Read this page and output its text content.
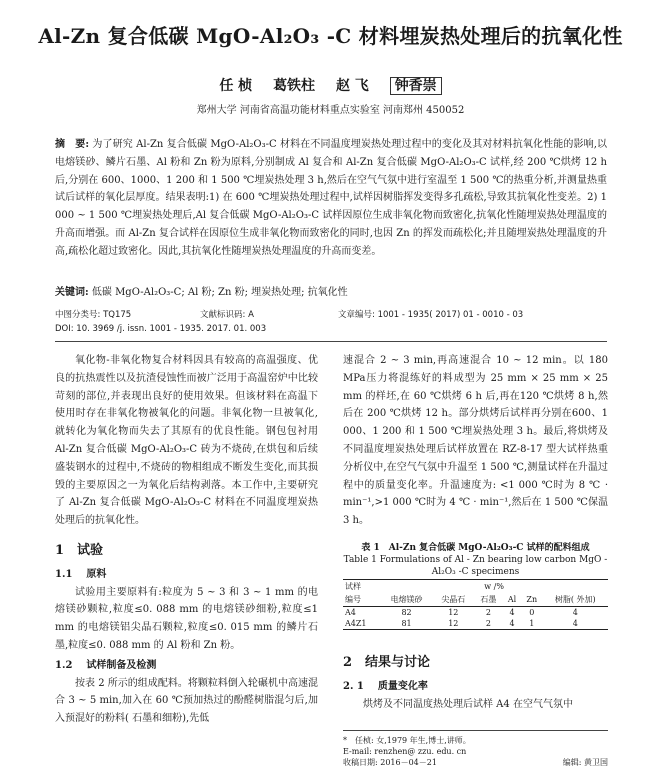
Al-Zn 复合低碳 MgO-Al₂O₃ -C 材料埋炭热处理后的抗氧化性
任 桢 葛铁柱 赵 飞 钟香崇
郑州大学 河南省高温功能材料重点实验室 河南郑州 450052
摘　要: 为了研究 Al-Zn 复合低碳 MgO-Al₂O₃-C 材料在不同温度埋炭热处理过程中的变化及其对材料抗氧化性能的影响,以电熔镁砂、鳞片石墨、Al 粉和 Zn 粉为原料,分别制成 Al 复合和 Al-Zn 复合低碳 MgO-Al₂O₃-C 试样,经 200 ℃烘烤 12 h 后,分别在 600、1000、1 200 和 1 500 ℃埋炭热处理 3 h,然后在空气气氛中进行室温至 1 500 ℃的热重分析,并测量热重试后试样的氧化层厚度。结果表明:1) 在 600 ℃埋炭热处理过程中,试样因树脂挥发变得多孔疏松,导致其抗氧化性变差。2) 1 000 ~ 1 500 ℃埋炭热处理后,Al 复合低碳 MgO-Al₂O₃-C 试样因原位生成非氧化物而致密化,抗氧化性随埋炭热处理温度的升高而增强。而 Al-Zn 复合试样在因原位生成非氧化物而致密化的同时,也因 Zn 的挥发而疏松化;并且随埋炭热处理温度的升高,疏松化超过致密化。因此,其抗氧化性随埋炭热处理温度的升高而变差。
关键词: 低碳 MgO-Al₂O₃-C; Al 粉; Zn 粉; 埋炭热处理; 抗氧化性
中图分类号: TQ175	文献标识码: A	文章编号: 1001 - 1935( 2017) 01 - 0010 - 03
DOI: 10. 3969 /j. issn. 1001 - 1935. 2017. 01. 003

氧化物-非氧化物复合材料因具有较高的高温强度、优良的抗热震性以及抗渣侵蚀性而被广泛用于高温窑炉中比较苛刻的部位,并表现出良好的使用效果。但该材料在高温下使用时存在非氧化物被氧化的问题。非氧化物一旦被氧化,就转化为氧化物而失去了其原有的优良性能。钢包包衬用 Al-Zn 复合低碳 MgO-Al₂O₃-C 砖为不烧砖,在烘包和后续盛装钢水的过程中,不烧砖的物相组成不断发生变化,而其损毁的主要原因之一为氧化后结构剥落。本工作中,主要研究了 Al-Zn 复合低碳 MgO-Al₂O₃-C 材料在不同温度埋炭热处理后的抗氧化性。

1　试验
1.1 原料

试验用主要原料有:粒度为 5 ~ 3 和 3 ~ 1 mm 的电熔镁砂颗粒,粒度≤0. 088 mm 的电熔镁砂细粉,粒度≤1 mm 的电熔镁铝尖晶石颗粒,粒度≤0. 015 mm 的鳞片石墨,粒度≤0. 088 mm 的 Al 粉和 Zn 粉。

1.2 试样制备及检测

按表 2 所示的组成配料。将颗粒料倒入轮碾机中高速混合 3 ~ 5 min,加入在 60 ℃预加热过的酚醛树脂混匀后,加入预混好的粉料( 石墨和细粉),先低

速混合 2 ~ 3 min,再高速混合 10 ~ 12 min。以 180 MPa压力将混练好的料成型为 25 mm × 25 mm × 25 mm 的样坯,在 60 ℃烘烤 6 h 后,再在120 ℃烘烤 8 h,然后在 200 ℃烘烤 12 h。部分烘烤后试样再分别在600、1 000、1 200 和 1 500 ℃埋炭热处理 3 h。最后,将烘烤及不同温度埋炭热处理后试样放置在 RZ-8-17 型大试样热重分析仪中,在空气气氛中升温至 1 500 ℃,测量试样在升温过程中的质量变化率。升温速度为: <1 000 ℃时为 8 ℃ · min⁻¹,>1 000 ℃时为 4 ℃ · min⁻¹,然后在 1 500 ℃保温 3 h。

表 1　Al-Zn 复合低碳 MgO-Al₂O₃-C 试样的配料组成
Table 1 Formulations of Al - Zn bearing low carbon MgO -
Al₂O₃ -C specimens
试样	w /%					
编号	电熔镁砂	尖晶石	石墨	Al	Zn	树脂( 外加)
A4	82	12	2	4	0	4
A4Z1	81	12	2	4	1	4
2　结果与讨论
2. 1 质量变化率

烘烤及不同温度热处理后试样 A4 在空气气氛中

*　任桢: 女,1979 年生,博士,讲师。
E-mail: renzhen@ zzu. edu. cn
收稿日期: 2016－04－21	编辑: 黄卫国
